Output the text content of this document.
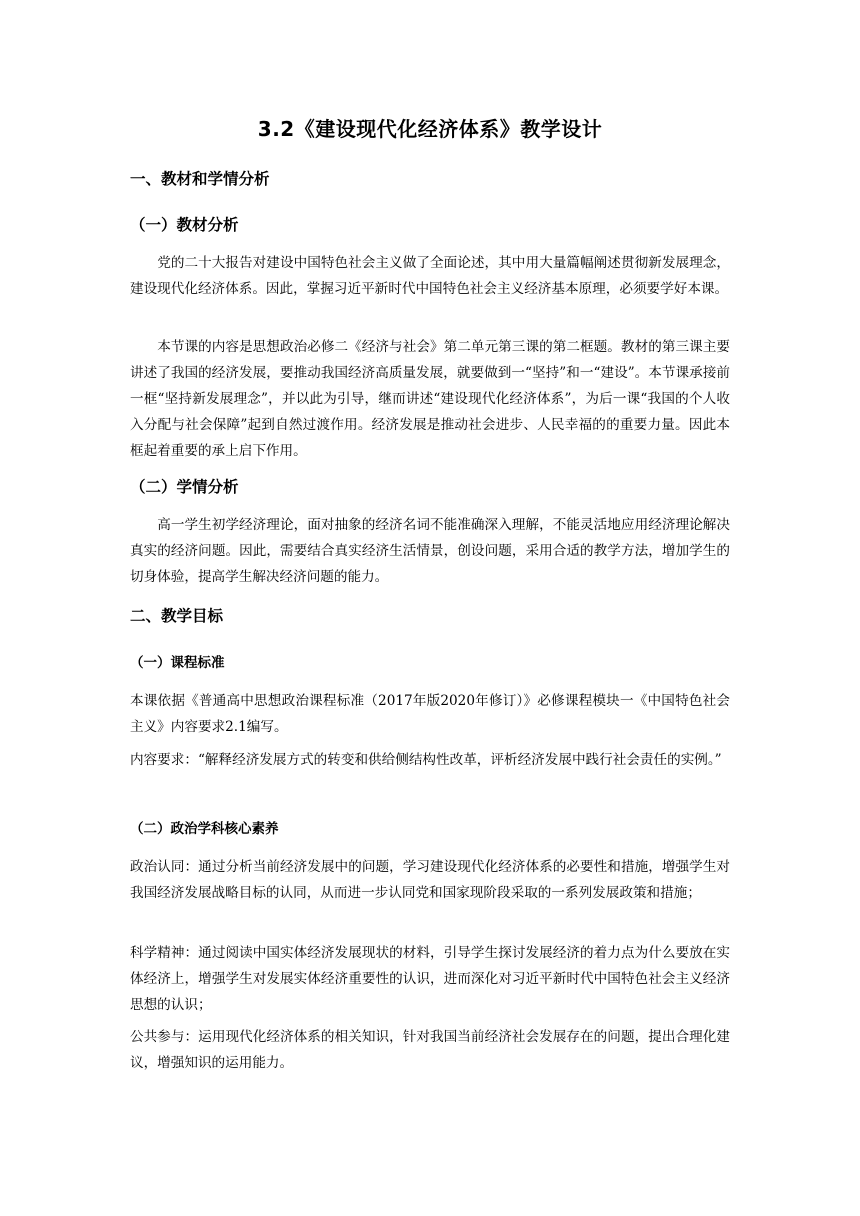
3.2《建设现代化经济体系》教学设计
一、教材和学情分析
（一）教材分析
党的二十大报告对建设中国特色社会主义做了全面论述，其中用大量篇幅阐述贯彻新发展理念，建设现代化经济体系。因此，掌握习近平新时代中国特色社会主义经济基本原理，必须要学好本课。
本节课的内容是思想政治必修二《经济与社会》第二单元第三课的第二框题。教材的第三课主要讲述了我国的经济发展，要推动我国经济高质量发展，就要做到一“坚持”和一“建设”。本节课承接前一框“坚持新发展理念”，并以此为引导，继而讲述“建设现代化经济体系”，为后一课“我国的个人收入分配与社会保障”起到自然过渡作用。经济发展是推动社会进步、人民幸福的的重要力量。因此本框起着重要的承上启下作用。
（二）学情分析
高一学生初学经济理论，面对抽象的经济名词不能准确深入理解，不能灵活地应用经济理论解决真实的经济问题。因此，需要结合真实经济生活情景，创设问题，采用合适的教学方法，增加学生的切身体验，提高学生解决经济问题的能力。
二、教学目标
（一）课程标准
本课依据《普通高中思想政治课程标准（2017年版2020年修订）》必修课程模块一《中国特色社会主义》内容要求2.1编写。
内容要求：“解释经济发展方式的转变和供给侧结构性改革，评析经济发展中践行社会责任的实例。”
（二）政治学科核心素养
政治认同：通过分析当前经济发展中的问题，学习建设现代化经济体系的必要性和措施，增强学生对我国经济发展战略目标的认同，从而进一步认同党和国家现阶段采取的一系列发展政策和措施；
科学精神：通过阅读中国实体经济发展现状的材料，引导学生探讨发展经济的着力点为什么要放在实体经济上，增强学生对发展实体经济重要性的认识，进而深化对习近平新时代中国特色社会主义经济思想的认识；
公共参与：运用现代化经济体系的相关知识，针对我国当前经济社会发展存在的问题，提出合理化建议，增强知识的运用能力。
